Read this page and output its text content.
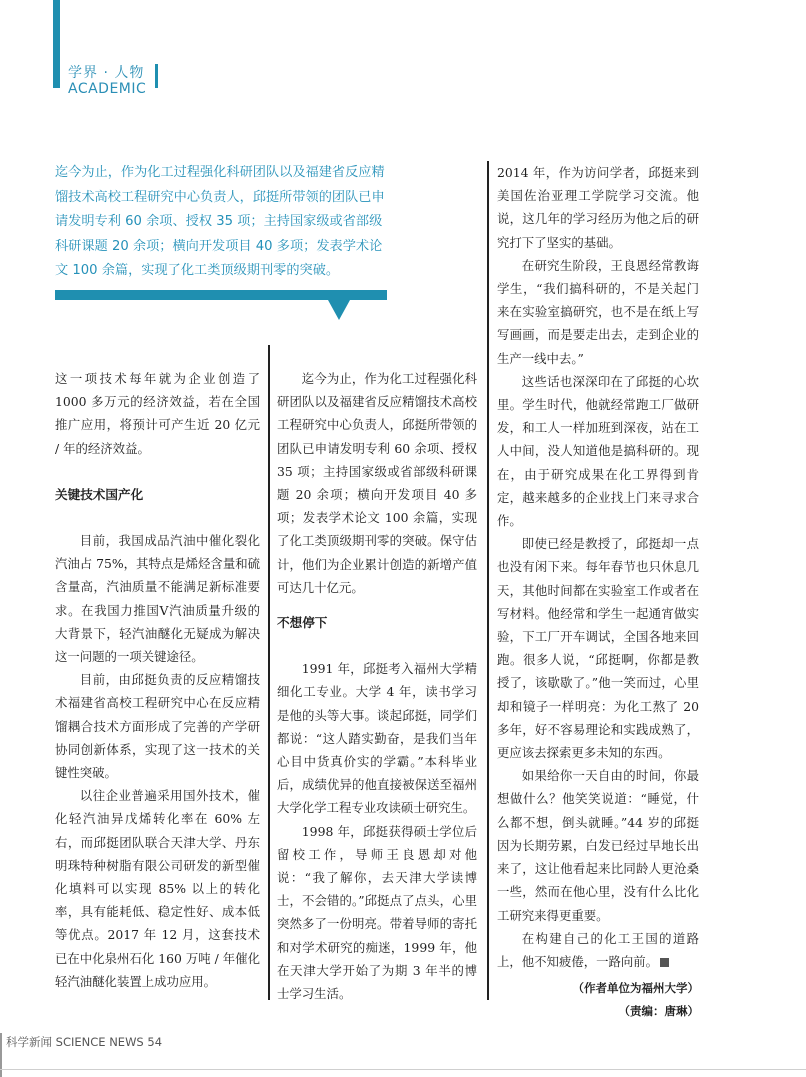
学界 · 人物
ACADEMIC
迄今为止，作为化工过程强化科研团队以及福建省反应精馏技术高校工程研究中心负责人，邱挺所带领的团队已申请发明专利 60 余项、授权 35 项；主持国家级或省部级科研课题 20 余项；横向开发项目 40 多项；发表学术论文 100 余篇，实现了化工类顶级期刊零的突破。

这一项技术每年就为企业创造了 1000 多万元的经济效益，若在全国推广应用，将预计可产生近 20 亿元 / 年的经济效益。

关键技术国产化

目前，我国成品汽油中催化裂化汽油占 75%，其特点是烯烃含量和硫含量高，汽油质量不能满足新标准要求。在我国力推国Ⅴ汽油质量升级的大背景下，轻汽油醚化无疑成为解决这一问题的一项关键途径。

目前，由邱挺负责的反应精馏技术福建省高校工程研究中心在反应精馏耦合技术方面形成了完善的产学研协同创新体系，实现了这一技术的关键性突破。

以往企业普遍采用国外技术，催化轻汽油异戊烯转化率在 60% 左右，而邱挺团队联合天津大学、丹东明珠特种树脂有限公司研发的新型催化填料可以实现 85% 以上的转化率，具有能耗低、稳定性好、成本低等优点。2017 年 12 月，这套技术已在中化泉州石化 160 万吨 / 年催化轻汽油醚化装置上成功应用。

迄今为止，作为化工过程强化科研团队以及福建省反应精馏技术高校工程研究中心负责人，邱挺所带领的团队已申请发明专利 60 余项、授权 35 项；主持国家级或省部级科研课题 20 余项；横向开发项目 40 多项；发表学术论文 100 余篇，实现了化工类顶级期刊零的突破。保守估计，他们为企业累计创造的新增产值可达几十亿元。

不想停下

1991 年，邱挺考入福州大学精细化工专业。大学 4 年，读书学习是他的头等大事。谈起邱挺，同学们都说：“这人踏实勤奋，是我们当年心目中货真价实的学霸。”本科毕业后，成绩优异的他直接被保送至福州大学化学工程专业攻读硕士研究生。

1998 年，邱挺获得硕士学位后留校工作，导师王良恩却对他说：“我了解你，去天津大学读博士，不会错的。”邱挺点了点头，心里突然多了一份明亮。带着导师的寄托和对学术研究的痴迷，1999 年，他在天津大学开始了为期 3 年半的博士学习生活。

2014 年，作为访问学者，邱挺来到美国佐治亚理工学院学习交流。他说，这几年的学习经历为他之后的研究打下了坚实的基础。

在研究生阶段，王良恩经常教诲学生，“我们搞科研的，不是关起门来在实验室搞研究，也不是在纸上写写画画，而是要走出去，走到企业的生产一线中去。”

这些话也深深印在了邱挺的心坎里。学生时代，他就经常跑工厂做研发，和工人一样加班到深夜，站在工人中间，没人知道他是搞科研的。现在，由于研究成果在化工界得到肯定，越来越多的企业找上门来寻求合作。

即使已经是教授了，邱挺却一点也没有闲下来。每年春节也只休息几天，其他时间都在实验室工作或者在写材料。他经常和学生一起通宵做实验，下工厂开车调试，全国各地来回跑。很多人说，“邱挺啊，你都是教授了，该歇歇了。”他一笑而过，心里却和镜子一样明亮：为化工熬了 20 多年，好不容易理论和实践成熟了，更应该去探索更多未知的东西。

如果给你一天自由的时间，你最想做什么？他笑笑说道：“睡觉，什么都不想，倒头就睡。”44 岁的邱挺因为长期劳累，白发已经过早地长出来了，这让他看起来比同龄人更沧桑一些，然而在他心里，没有什么比化工研究来得更重要。

在构建自己的化工王国的道路上，他不知疲倦，一路向前。

（作者单位为福州大学）

（责编：唐琳）

科学新闻 SCIENCE NEWS 54
